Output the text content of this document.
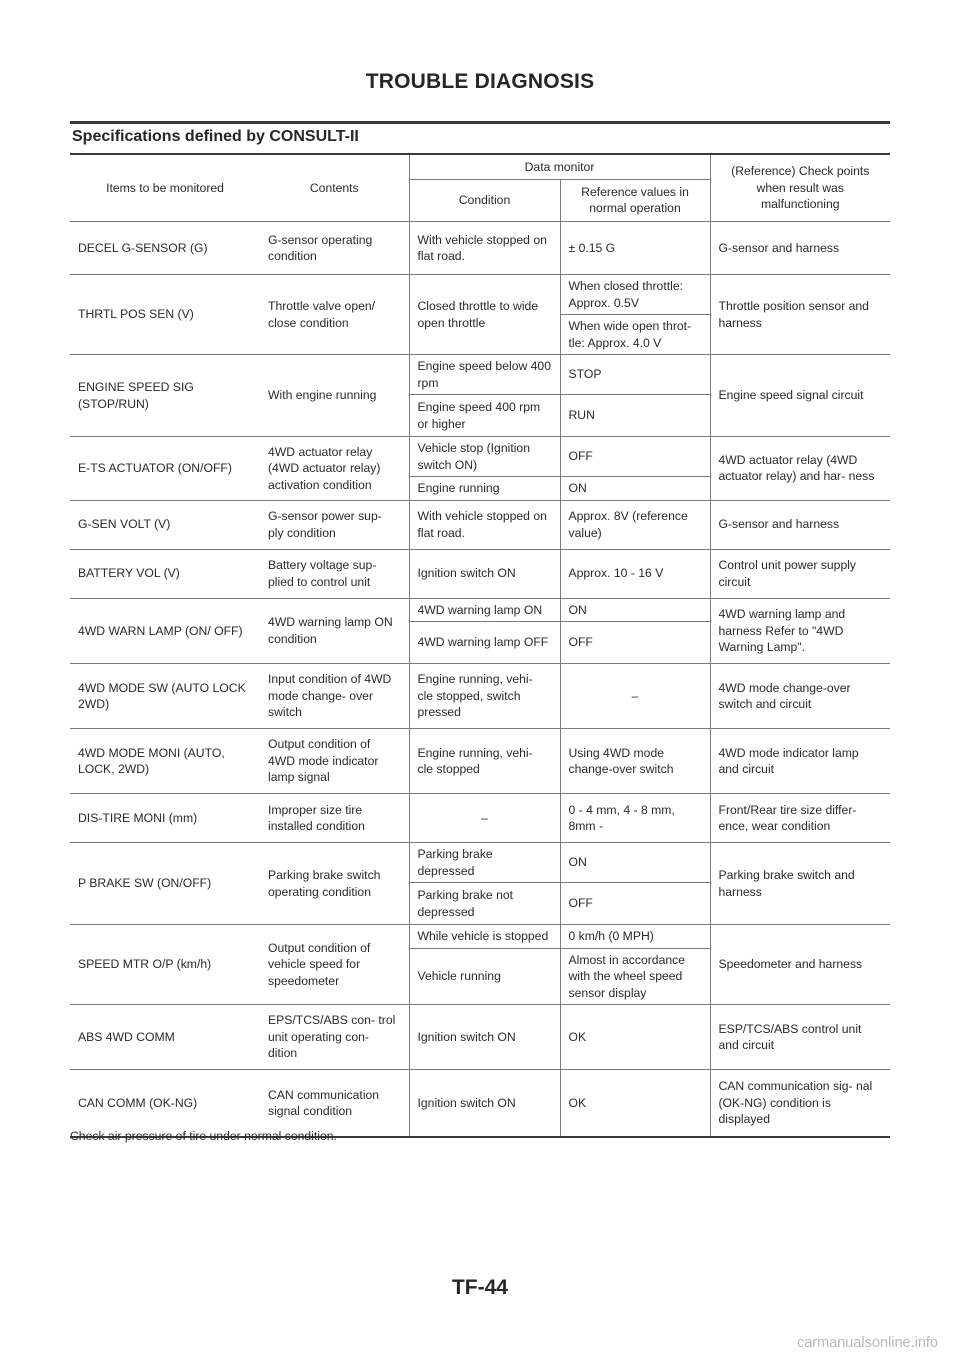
TROUBLE DIAGNOSIS
Specifications defined by CONSULT-II
Items to be monitored	Contents	Data monitor		(Reference) Check points when result was malfunctioning
		Condition	Reference values in normal operation	
DECEL G-SENSOR (G)	G-sensor operating condition	With vehicle stopped on flat road.	± 0.15 G	G-sensor and harness
THRTL POS SEN (V)	Throttle valve open/ close condition	Closed throttle to wide open throttle	When closed throttle: Approx. 0.5V	Throttle position sensor and harness
			When wide open throt- tle: Approx. 4.0 V	
ENGINE SPEED SIG (STOP/RUN)	With engine running	Engine speed below 400 rpm	STOP	Engine speed signal circuit
		Engine speed 400 rpm or higher	RUN	
E-TS ACTUATOR (ON/OFF)	4WD actuator relay (4WD actuator relay) activation condition	Vehicle stop (Ignition switch ON)	OFF	4WD actuator relay (4WD actuator relay) and har- ness
		Engine running	ON	
G-SEN VOLT (V)	G-sensor power sup- ply condition	With vehicle stopped on flat road.	Approx. 8V (reference value)	G-sensor and harness
BATTERY VOL (V)	Battery voltage sup- plied to control unit	Ignition switch ON	Approx. 10 - 16 V	Control unit power supply circuit
4WD WARN LAMP (ON/ OFF)	4WD warning lamp ON condition	4WD warning lamp ON	ON	4WD warning lamp and harness Refer to "4WD Warning Lamp".
		4WD warning lamp OFF	OFF	
4WD MODE SW (AUTO LOCK 2WD)	Input condition of 4WD mode change- over switch	Engine running, vehi- cle stopped, switch pressed	–	4WD mode change-over switch and circuit
4WD MODE MONI (AUTO, LOCK, 2WD)	Output condition of 4WD mode indicator lamp signal	Engine running, vehi- cle stopped	Using 4WD mode change-over switch	4WD mode indicator lamp and circuit
DIS-TIRE MONI (mm)	Improper size tire installed condition	–	0 - 4 mm, 4 - 8 mm, 8mm -	Front/Rear tire size differ- ence, wear condition
P BRAKE SW (ON/OFF)	Parking brake switch operating condition	Parking brake depressed	ON	Parking brake switch and harness
		Parking brake not depressed	OFF	
SPEED MTR O/P (km/h)	Output condition of vehicle speed for speedometer	While vehicle is stopped	0 km/h (0 MPH)	Speedometer and harness
		Vehicle running	Almost in accordance with the wheel speed sensor display	
ABS 4WD COMM	EPS/TCS/ABS con- trol unit operating con- dition	Ignition switch ON	OK	ESP/TCS/ABS control unit and circuit
CAN COMM (OK-NG)	CAN communication signal condition	Ignition switch ON	OK	CAN communication sig- nal (OK-NG) condition is displayed
Check air pressure of tire under normal condition.
TF-44
carmanualsonline.info
